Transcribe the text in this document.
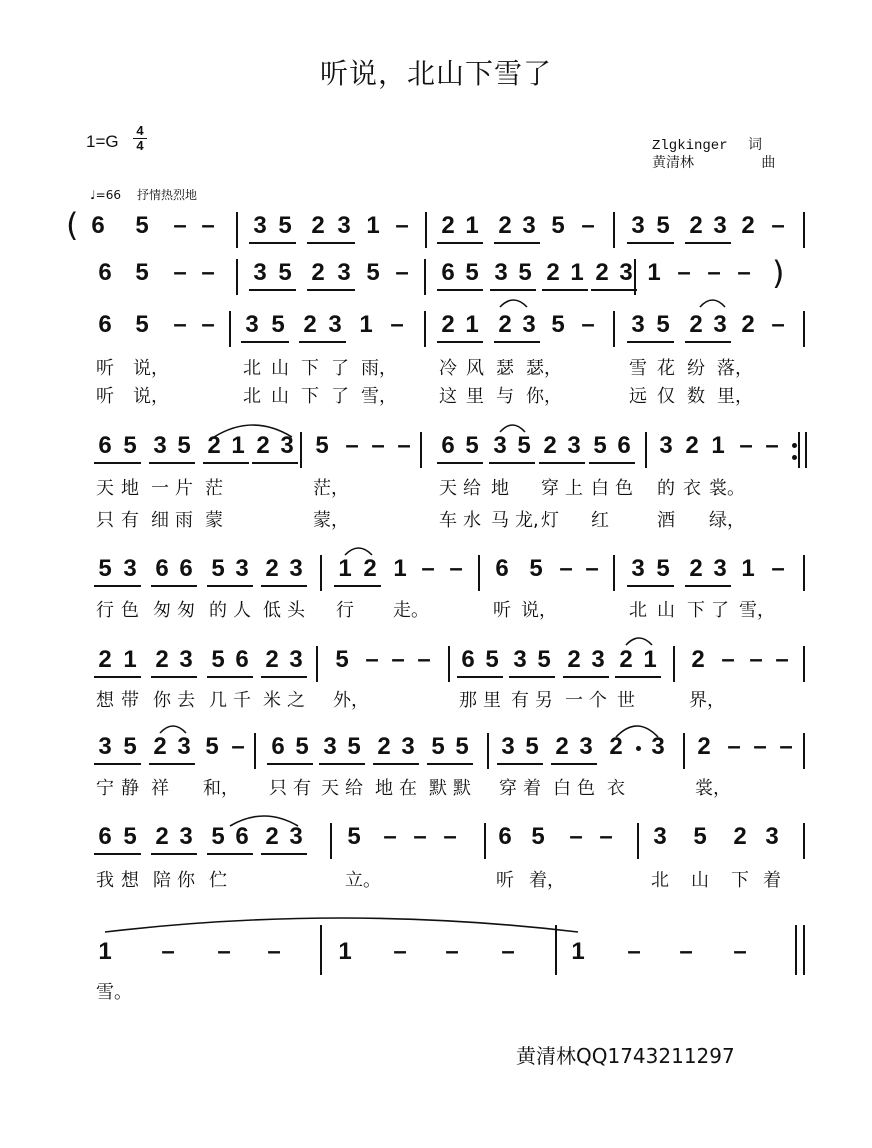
听说，北山下雪了
1=G
4
4	Zlgkinger 词
黄清林	曲
♩=66 抒情热烈地
(
)
6 5 – – 3 5 2 3 1 – 2 1 2 3 5 – 3 5 2 3 2 –
6 5 – – 3 5 2 3 5 – 6 5 3 5 2 1 2 3 1 – – –
6 5 – – 3 5 2 3 1 – 2 1 2 3 5 – 3 5 2 3 2 –
听 说，	北 山 下 了 雨， 冷 风 瑟 瑟，	雪 花 纷 落，
听 说，	北 山 下 了 雪， 这 里 与 你，	远 仅 数 里，
6 5 3 5 2 1 2 3 5 – – – 6 5 3 5 2 3 5 6 3 2 1 – –
天 地 一 片 茫	茫，	天 给 地 穿 上 白 色 的 衣 裳。
只 有 细 雨 蒙	蒙，	车 水 马 龙, 灯 红	酒 绿，
5 3 6 6 5 3 2 3 1 2 1 – – 6 5 – – 3 5 2 3 1 –
行 色 匆 匆 的 人 低 头 行 走。	听 说，	北 山 下 了 雪，
2 1 2 3 5 6 2 3 5 – – – 6 5 3 5 2 3 2 1 2 – – –
想 带 你 去 几 千 米 之 外，	那 里 有 另 一 个 世	界，
3 5 2 3 5 – 6 5 3 5 2 3 5 5 3 5 2 3 2 3 2 – – –
宁 静 祥 和， 只 有 天 给 地 在 默 默 穿 着 白 色 衣	裳，
6 5 2 3 5 6 2 3 5 – – – 6 5 – – 3 5 2 3
我 想 陪 你 伫	立。	听 着，	北 山 下 着
1 – – – 1 – – – 1 – – –
雪。
黄清林QQ1743211297
